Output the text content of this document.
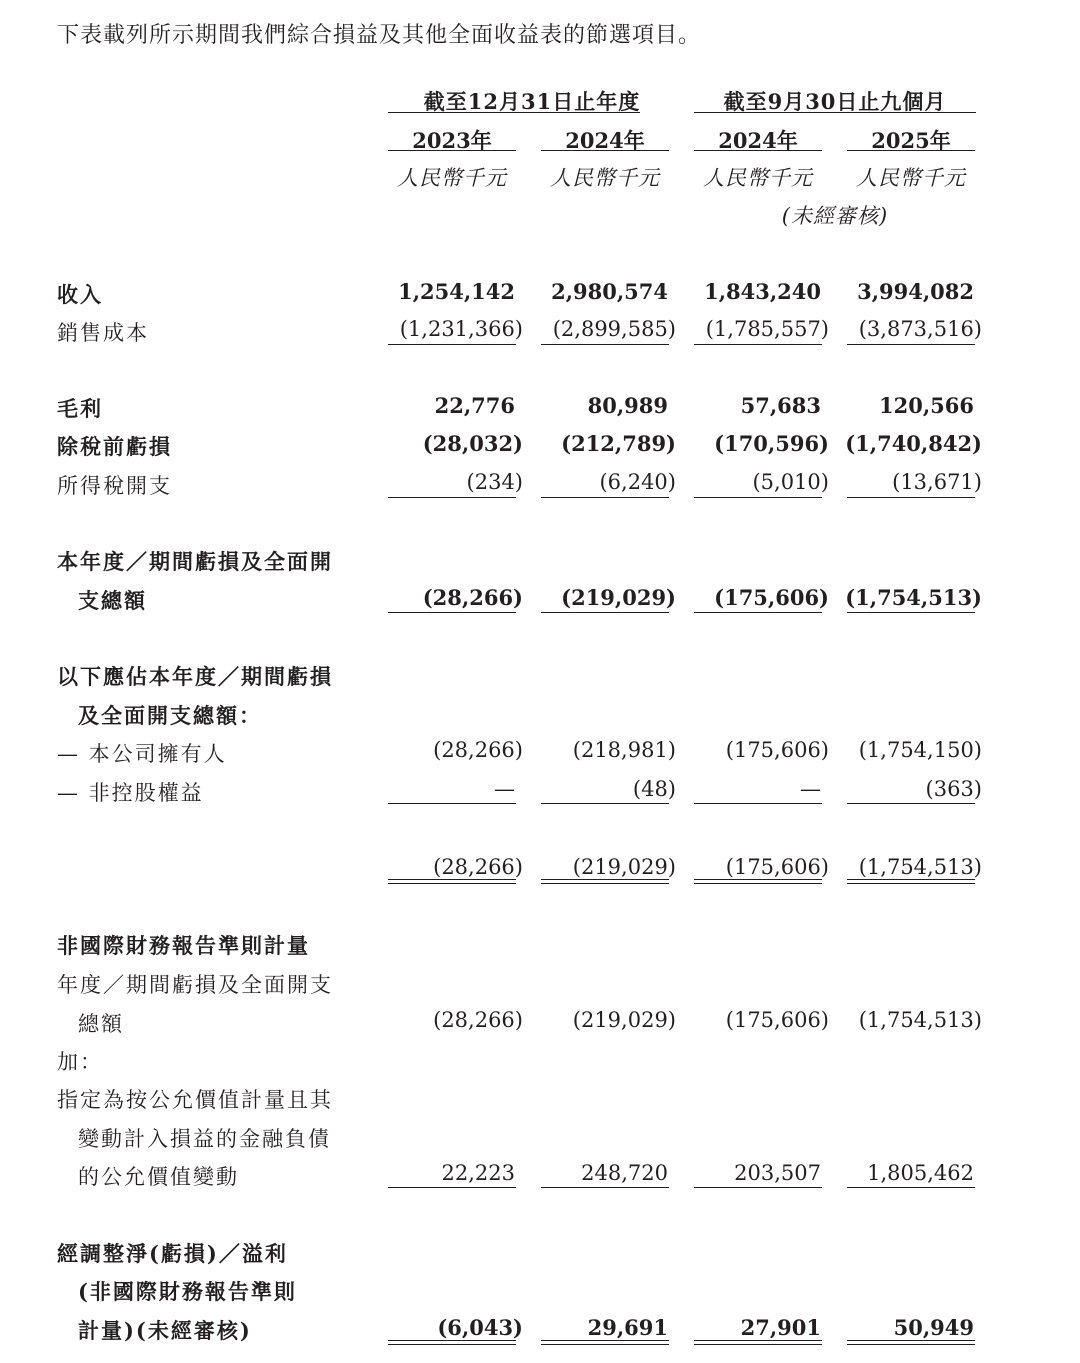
下表載列所示期間我們綜合損益及其他全面收益表的節選項目。
截至12月31日止年度	截至9月30日止九個月
2023年	2024年	2024年	2025年
人民幣千元	人民幣千元	人民幣千元	人民幣千元
(未經審核)
收入	1,254,142 2,980,574 1,843,240 3,994,082
銷售成本	(1,231,366) (2,899,585) (1,785,557) (3,873,516)
毛利	22,776	80,989	57,683	120,566
除稅前虧損	(28,032) (212,789) (170,596) (1,740,842)
所得稅開支	(234)	(6,240)	(5,010)	(13,671)
本年度／期間虧損及全面開
支總額	(28,266) (219,029) (175,606) (1,754,513)
以下應佔本年度／期間虧損
及全面開支總額：
— 本公司擁有人	(28,266) (218,981) (175,606) (1,754,150)
— 非控股權益	—	(48)	—	(363)
(28,266) (219,029) (175,606) (1,754,513)
非國際財務報告準則計量
年度／期間虧損及全面開支
總額	(28,266) (219,029) (175,606) (1,754,513)
加：
指定為按公允價值計量且其
變動計入損益的金融負債
的公允價值變動	22,223	248,720	203,507 1,805,462
經調整淨(虧損)／溢利
(非國際財務報告準則
計量)(未經審核)	(6,043)	29,691	27,901	50,949
